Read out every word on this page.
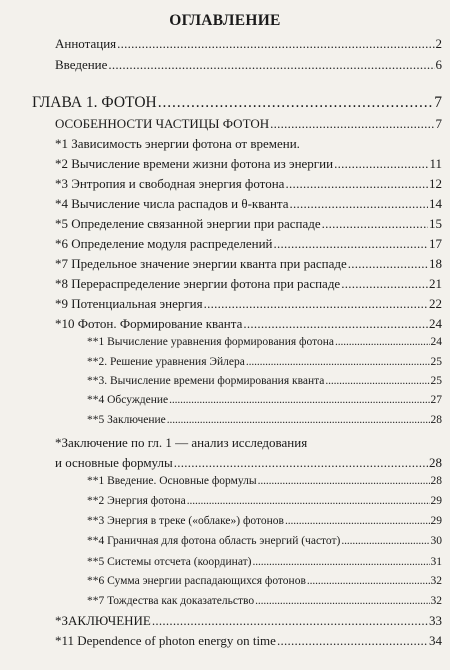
ОГЛАВЛЕНИЕ
Аннотация . . .	2
Введение . . .	6
ГЛАВА 1. ФОТОН . . .	7
ОСОБЕННОСТИ ЧАСТИЦЫ ФОТОН . . .	7
*1 Зависимость энергии фотона от времени.
*2 Вычисление времени жизни фотона из энергии . . .	11
*3 Энтропия и свободная энергия фотона . . .	12
*4 Вычисление числа распадов и θ-кванта . . .	14
*5 Определение связанной энергии при распаде . . .	15
*6 Определение модуля распределений . . .	17
*7 Предельное значение энергии кванта при распаде . . .	18
*8 Перераспределение энергии фотона при распаде . . .	21
*9 Потенциальная энергия . . .	22
*10 Фотон. Формирование кванта . . .	24
**1 Вычисление уравнения формирования фотона . . .	24
**2. Решение уравнения Эйлера . . .	25
**3. Вычисление времени формирования кванта . . .	25
**4 Обсуждение . . .	27
**5 Заключение . . .	28
*Заключение по гл. 1 — анализ исследования
и основные формулы . . .	28
**1 Введение. Основные формулы . . .	28
**2 Энергия фотона . . .	29
**3 Энергия в треке («облаке») фотонов . . .	29
**4 Граничная для фотона область энергий (частот) . . .	30
**5 Системы отсчета (координат) . . .	31
**6 Сумма энергии распадающихся фотонов . . .	32
**7 Тождества как доказательство . . .	32
*ЗАКЛЮЧЕНИЕ . . .	33
*11 Dependence of photon energy on time . . .	34
